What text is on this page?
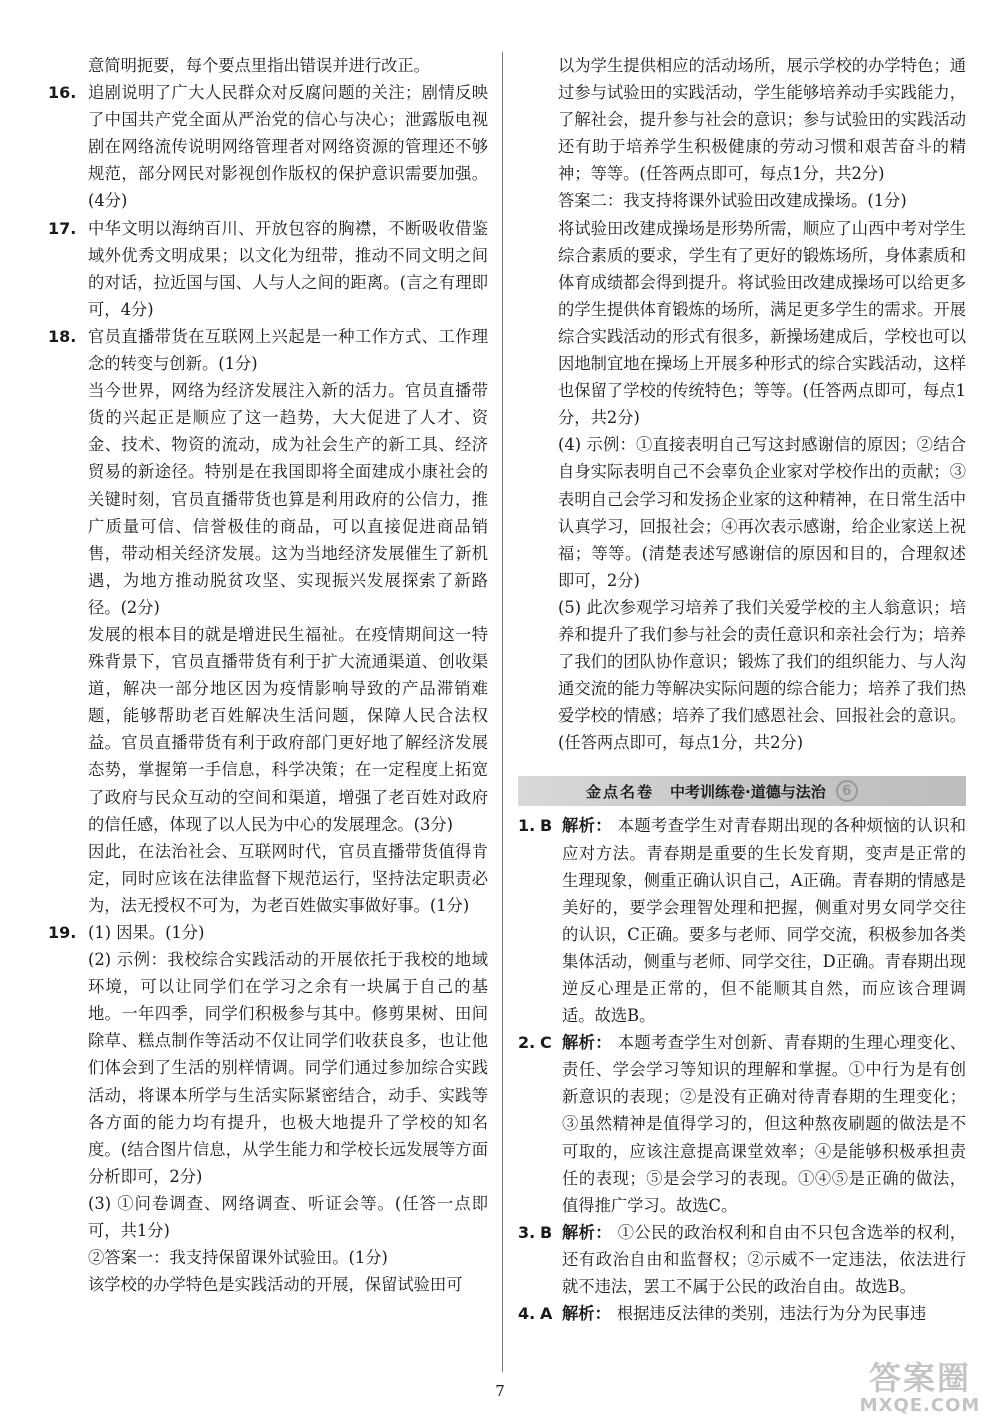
意简明扼要，每个要点里指出错误并进行改正。

16. 追剧说明了广大人民群众对反腐问题的关注；剧情反映了中国共产党全面从严治党的信心与决心；泄露版电视剧在网络流传说明网络管理者对网络资源的管理还不够规范，部分网民对影视创作版权的保护意识需要加强。(4分)

17. 中华文明以海纳百川、开放包容的胸襟，不断吸收借鉴域外优秀文明成果；以文化为纽带，推动不同文明之间的对话，拉近国与国、人与人之间的距离。(言之有理即可，4分)

18. 官员直播带货在互联网上兴起是一种工作方式、工作理念的转变与创新。(1分)

当今世界，网络为经济发展注入新的活力。官员直播带货的兴起正是顺应了这一趋势，大大促进了人才、资金、技术、物资的流动，成为社会生产的新工具、经济贸易的新途径。特别是在我国即将全面建成小康社会的关键时刻，官员直播带货也算是利用政府的公信力，推广质量可信、信誉极佳的商品，可以直接促进商品销售，带动相关经济发展。这为当地经济发展催生了新机遇，为地方推动脱贫攻坚、实现振兴发展探索了新路径。(2分)

发展的根本目的就是增进民生福祉。在疫情期间这一特殊背景下，官员直播带货有利于扩大流通渠道、创收渠道，解决一部分地区因为疫情影响导致的产品滞销难题，能够帮助老百姓解决生活问题，保障人民合法权益。官员直播带货有利于政府部门更好地了解经济发展态势，掌握第一手信息，科学决策；在一定程度上拓宽了政府与民众互动的空间和渠道，增强了老百姓对政府的信任感，体现了以人民为中心的发展理念。(3分)

因此，在法治社会、互联网时代，官员直播带货值得肯定，同时应该在法律监督下规范运行，坚持法定职责必为，法无授权不可为，为老百姓做实事做好事。(1分)

19. (1) 因果。(1分)

(2) 示例：我校综合实践活动的开展依托于我校的地域环境，可以让同学们在学习之余有一块属于自己的基地。一年四季，同学们积极参与其中。修剪果树、田间除草、糕点制作等活动不仅让同学们收获良多，也让他们体会到了生活的别样情调。同学们通过参加综合实践活动，将课本所学与生活实际紧密结合，动手、实践等各方面的能力均有提升，也极大地提升了学校的知名度。(结合图片信息，从学生能力和学校长远发展等方面分析即可，2分)

(3) ①问卷调查、网络调查、听证会等。(任答一点即可，共1分)

②答案一：我支持保留课外试验田。(1分)

该学校的办学特色是实践活动的开展，保留试验田可

以为学生提供相应的活动场所，展示学校的办学特色；通过参与试验田的实践活动，学生能够培养动手实践能力，了解社会，提升参与社会的意识；参与试验田的实践活动还有助于培养学生积极健康的劳动习惯和艰苦奋斗的精神；等等。(任答两点即可，每点1分，共2分)

答案二：我支持将课外试验田改建成操场。(1分)

将试验田改建成操场是形势所需，顺应了山西中考对学生综合素质的要求，学生有了更好的锻炼场所，身体素质和体育成绩都会得到提升。将试验田改建成操场可以给更多的学生提供体育锻炼的场所，满足更多学生的需求。开展综合实践活动的形式有很多，新操场建成后，学校也可以因地制宜地在操场上开展多种形式的综合实践活动，这样也保留了学校的传统特色；等等。(任答两点即可，每点1分，共2分)

(4) 示例：①直接表明自己写这封感谢信的原因；②结合自身实际表明自己不会辜负企业家对学校作出的贡献；③表明自己会学习和发扬企业家的这种精神，在日常生活中认真学习，回报社会；④再次表示感谢，给企业家送上祝福；等等。(清楚表述写感谢信的原因和目的，合理叙述即可，2分)

(5) 此次参观学习培养了我们关爱学校的主人翁意识；培养和提升了我们参与社会的责任意识和亲社会行为；培养了我们的团队协作意识；锻炼了我们的组织能力、与人沟通交流的能力等解决实际问题的综合能力；培养了我们热爱学校的情感；培养了我们感恩社会、回报社会的意识。(任答两点即可，每点1分，共2分)

金点名卷 中考训练卷·道德与法治	6
1. B 解析： 本题考查学生对青春期出现的各种烦恼的认识和应对方法。青春期是重要的生长发育期，变声是正常的生理现象，侧重正确认识自己，A正确。青春期的情感是美好的，要学会理智处理和把握，侧重对男女同学交往的认识，C正确。要多与老师、同学交流，积极参加各类集体活动，侧重与老师、同学交往，D正确。青春期出现逆反心理是正常的，但不能顺其自然，而应该合理调适。故选B。

2. C 解析： 本题考查学生对创新、青春期的生理心理变化、责任、学会学习等知识的理解和掌握。①中行为是有创新意识的表现；②是没有正确对待青春期的生理变化；③虽然精神是值得学习的，但这种熬夜刷题的做法是不可取的，应该注意提高课堂效率；④是能够积极承担责任的表现；⑤是会学习的表现。①④⑤是正确的做法，值得推广学习。故选C。

3. B 解析： ①公民的政治权利和自由不只包含选举的权利，还有政治自由和监督权；②示威不一定违法，依法进行就不违法，罢工不属于公民的政治自由。故选B。

4. A 解析： 根据违反法律的类别，违法行为分为民事违

7	答案圈
MXQE.COM
